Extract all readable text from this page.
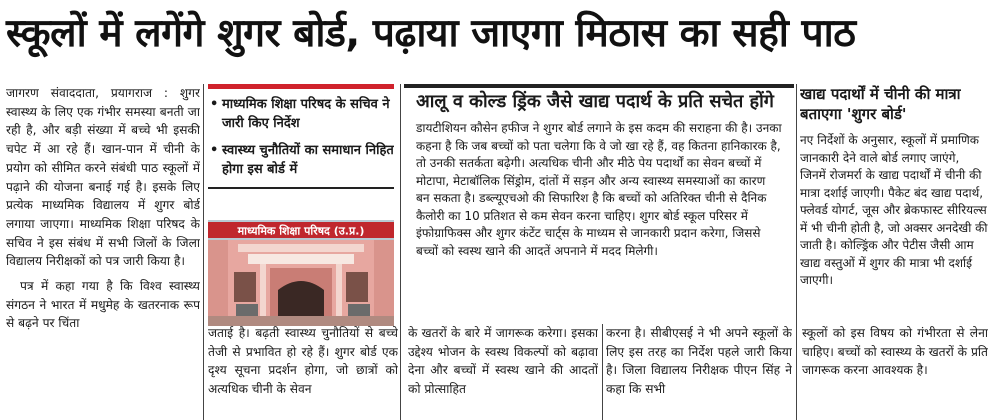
स्कूलों में लगेंगे शुगर बोर्ड, पढ़ाया जाएगा मिठास का सही पाठ

जागरण संवाददाता, प्रयागराज : शुगर स्वास्थ्य के लिए एक गंभीर समस्या बनती जा रही है, और बड़ी संख्या में बच्चे भी इसकी चपेट में आ रहे हैं। खान-पान में चीनी के प्रयोग को सीमित करने संबंधी पाठ स्कूलों में पढ़ाने की योजना बनाई गई है। इसके लिए प्रत्येक माध्यमिक विद्यालय में शुगर बोर्ड लगाया जाएगा। माध्यमिक शिक्षा परिषद के सचिव ने इस संबंध में सभी जिलों के जिला विद्यालय निरीक्षकों को पत्र जारी किया है।

पत्र में कहा गया है कि विश्व स्वास्थ्य संगठन ने भारत में मधुमेह के खतरनाक रूप से बढ़ने पर चिंता

• माध्यमिक शिक्षा परिषद के सचिव ने जारी किए निर्देश
• स्वास्थ्य चुनौतियों का समाधान निहित होगा इस बोर्ड में
माध्यमिक शिक्षा परिषद (उ.प्र.)
आलू व कोल्ड ड्रिंक जैसे खाद्य पदार्थ के प्रति सचेत होंगे
डायटीशियन कौसेन हफीज ने शुगर बोर्ड लगाने के इस कदम की सराहना की है। उनका कहना है कि जब बच्चों को पता चलेगा कि वे जो खा रहे हैं, वह कितना हानिकारक है, तो उनकी सतर्कता बढ़ेगी। अत्यधिक चीनी और मीठे पेय पदार्थों का सेवन बच्चों में मोटापा, मेटाबॉलिक सिंड्रोम, दांतों में सड़न और अन्य स्वास्थ्य समस्याओं का कारण बन सकता है। डब्ल्यूएचओ की सिफारिश है कि बच्चों को अतिरिक्त चीनी से दैनिक कैलोरी का 10 प्रतिशत से कम सेवन करना चाहिए। शुगर बोर्ड स्कूल परिसर में इंफोग्राफिक्स और शुगर कंटेंट चार्ट्स के माध्यम से जानकारी प्रदान करेगा, जिससे बच्चों को स्वस्थ खाने की आदतें अपनाने में मदद मिलेगी।
खाद्य पदार्थों में चीनी की मात्रा बताएगा 'शुगर बोर्ड'
नए निर्देशों के अनुसार, स्कूलों में प्रमाणिक जानकारी देने वाले बोर्ड लगाए जाएंगे, जिनमें रोजमर्रा के खाद्य पदार्थों में चीनी की मात्रा दर्शाई जाएगी। पैकेट बंद खाद्य पदार्थ, फ्लेवर्ड योगर्ट, जूस और ब्रेकफास्ट सीरियल्स में भी चीनी होती है, जो अक्सर अनदेखी की जाती है। कोल्ड्रिंक और पेटीस जैसी आम खाद्य वस्तुओं में शुगर की मात्रा भी दर्शाई जाएगी।
जताई है। बढ़ती स्वास्थ्य चुनौतियों से बच्चे तेजी से प्रभावित हो रहे हैं। शुगर बोर्ड एक दृश्य सूचना प्रदर्शन होगा, जो छात्रों को अत्यधिक चीनी के सेवन
के खतरों के बारे में जागरूक करेगा। इसका उद्देश्य भोजन के स्वस्थ विकल्पों को बढ़ावा देना और बच्चों में स्वस्थ खाने की आदतों को प्रोत्साहित
करना है। सीबीएसई ने भी अपने स्कूलों के लिए इस तरह का निर्देश पहले जारी किया है। जिला विद्यालय निरीक्षक पीएन सिंह ने कहा कि सभी
स्कूलों को इस विषय को गंभीरता से लेना चाहिए। बच्चों को स्वास्थ्य के खतरों के प्रति जागरूक करना आवश्यक है।
